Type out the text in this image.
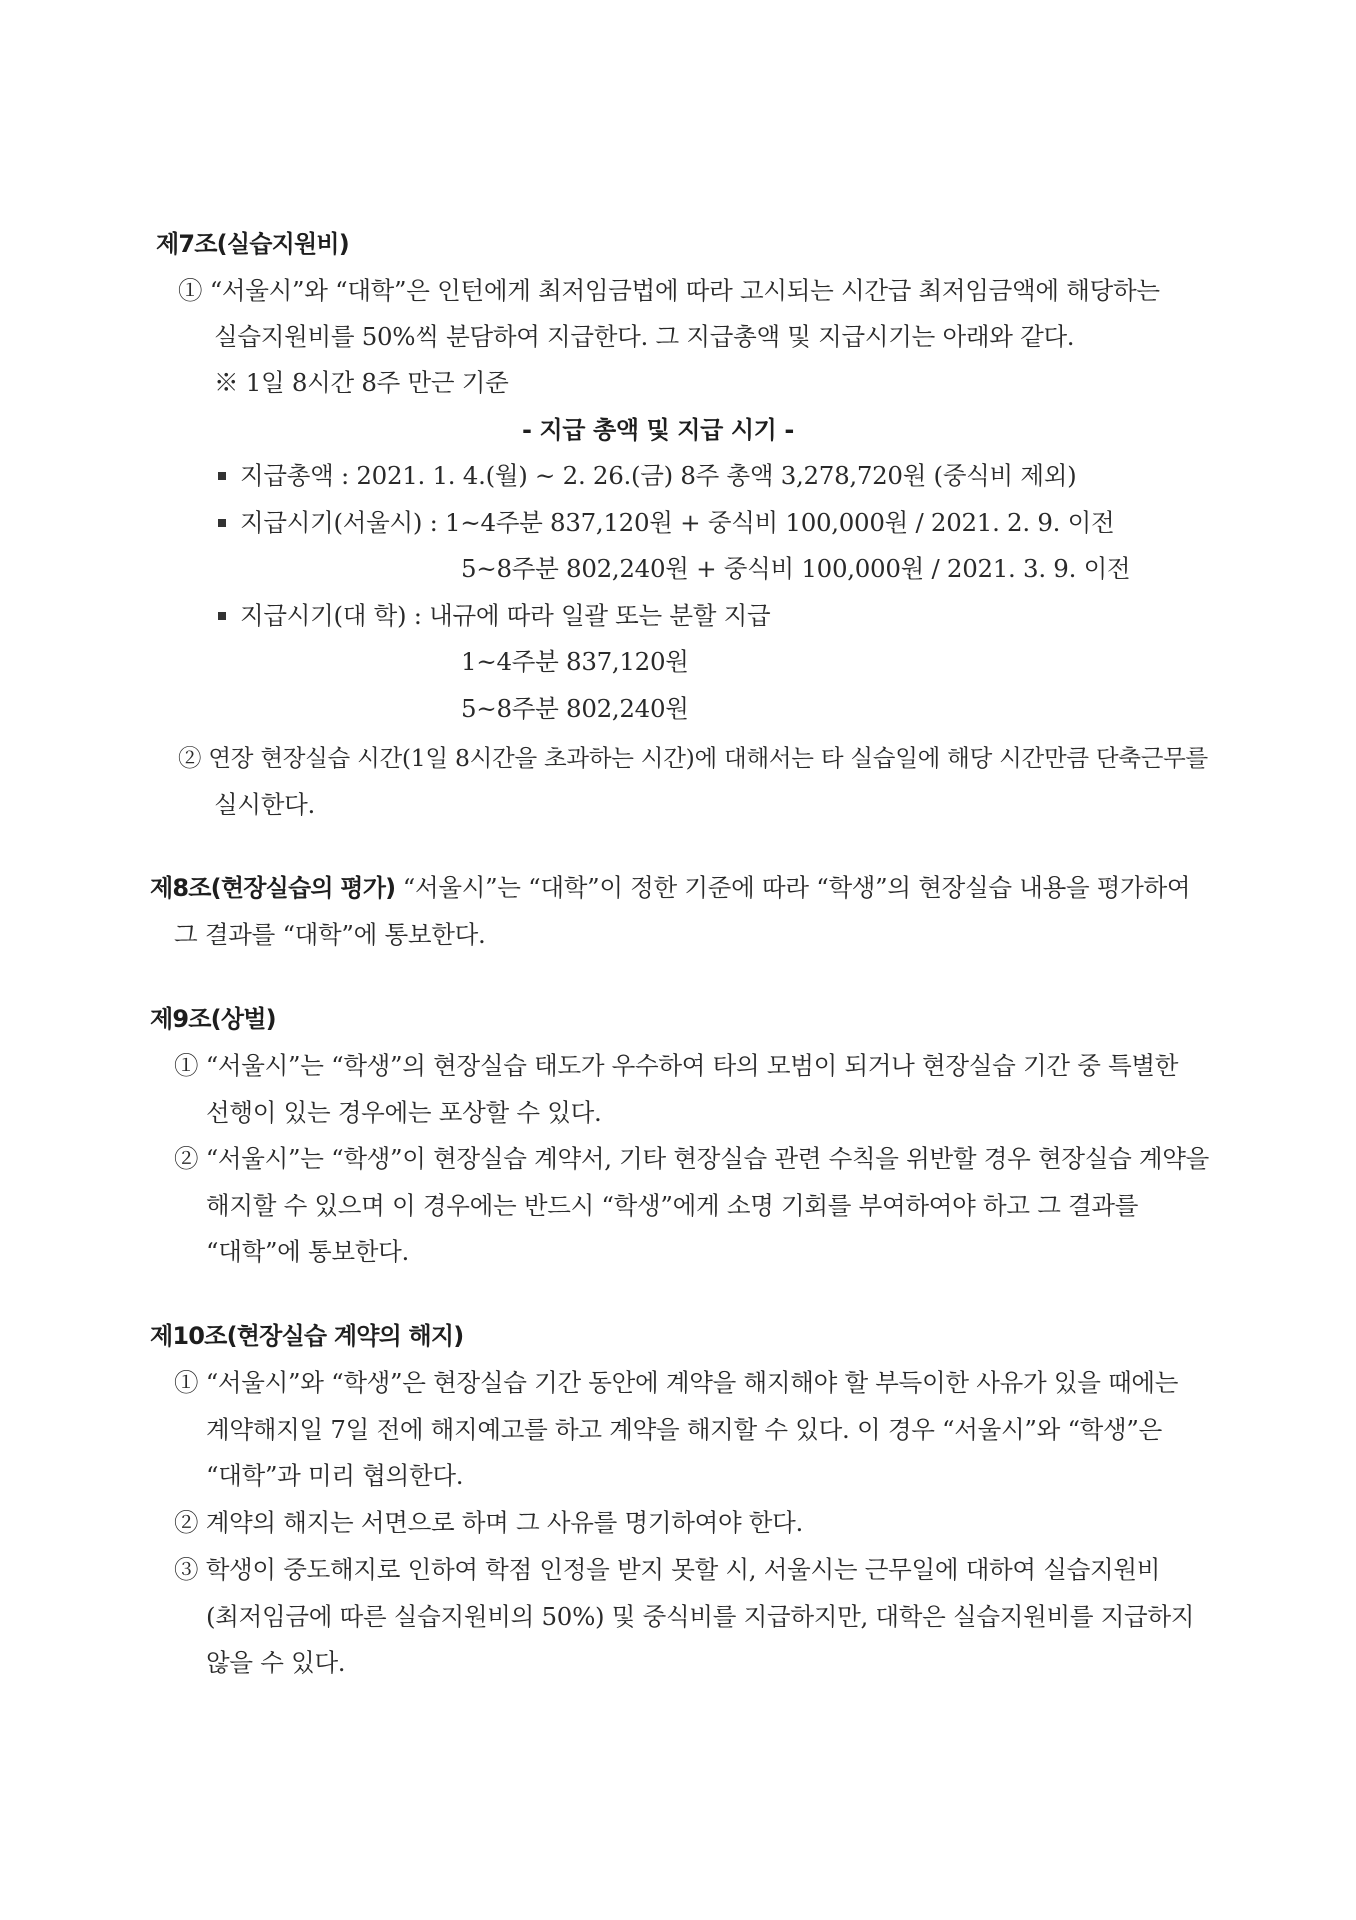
제7조(실습지원비)
① “서울시”와 “대학”은 인턴에게 최저임금법에 따라 고시되는 시간급 최저임금액에 해당하는
실습지원비를 50%씩 분담하여 지급한다. 그 지급총액 및 지급시기는 아래와 같다.
※ 1일 8시간 8주 만근 기준
- 지급 총액 및 지급 시기 -
지급총액 : 2021. 1. 4.(월) ~ 2. 26.(금) 8주 총액 3,278,720원 (중식비 제외)
지급시기(서울시) : 1~4주분 837,120원 + 중식비 100,000원 / 2021. 2. 9. 이전
5~8주분 802,240원 + 중식비 100,000원 / 2021. 3. 9. 이전
지급시기(대 학) : 내규에 따라 일괄 또는 분할 지급
1~4주분 837,120원
5~8주분 802,240원
② 연장 현장실습 시간(1일 8시간을 초과하는 시간)에 대해서는 타 실습일에 해당 시간만큼 단축근무를
실시한다.
제8조(현장실습의 평가) “서울시”는 “대학”이 정한 기준에 따라 “학생”의 현장실습 내용을 평가하여
그 결과를 “대학”에 통보한다.
제9조(상벌)
① “서울시”는 “학생”의 현장실습 태도가 우수하여 타의 모범이 되거나 현장실습 기간 중 특별한
선행이 있는 경우에는 포상할 수 있다.
② “서울시”는 “학생”이 현장실습 계약서, 기타 현장실습 관련 수칙을 위반할 경우 현장실습 계약을
해지할 수 있으며 이 경우에는 반드시 “학생”에게 소명 기회를 부여하여야 하고 그 결과를
“대학”에 통보한다.
제10조(현장실습 계약의 해지)
① “서울시”와 “학생”은 현장실습 기간 동안에 계약을 해지해야 할 부득이한 사유가 있을 때에는
계약해지일 7일 전에 해지예고를 하고 계약을 해지할 수 있다. 이 경우 “서울시”와 “학생”은
“대학”과 미리 협의한다.
② 계약의 해지는 서면으로 하며 그 사유를 명기하여야 한다.
③ 학생이 중도해지로 인하여 학점 인정을 받지 못할 시, 서울시는 근무일에 대하여 실습지원비
(최저임금에 따른 실습지원비의 50%) 및 중식비를 지급하지만, 대학은 실습지원비를 지급하지
않을 수 있다.
